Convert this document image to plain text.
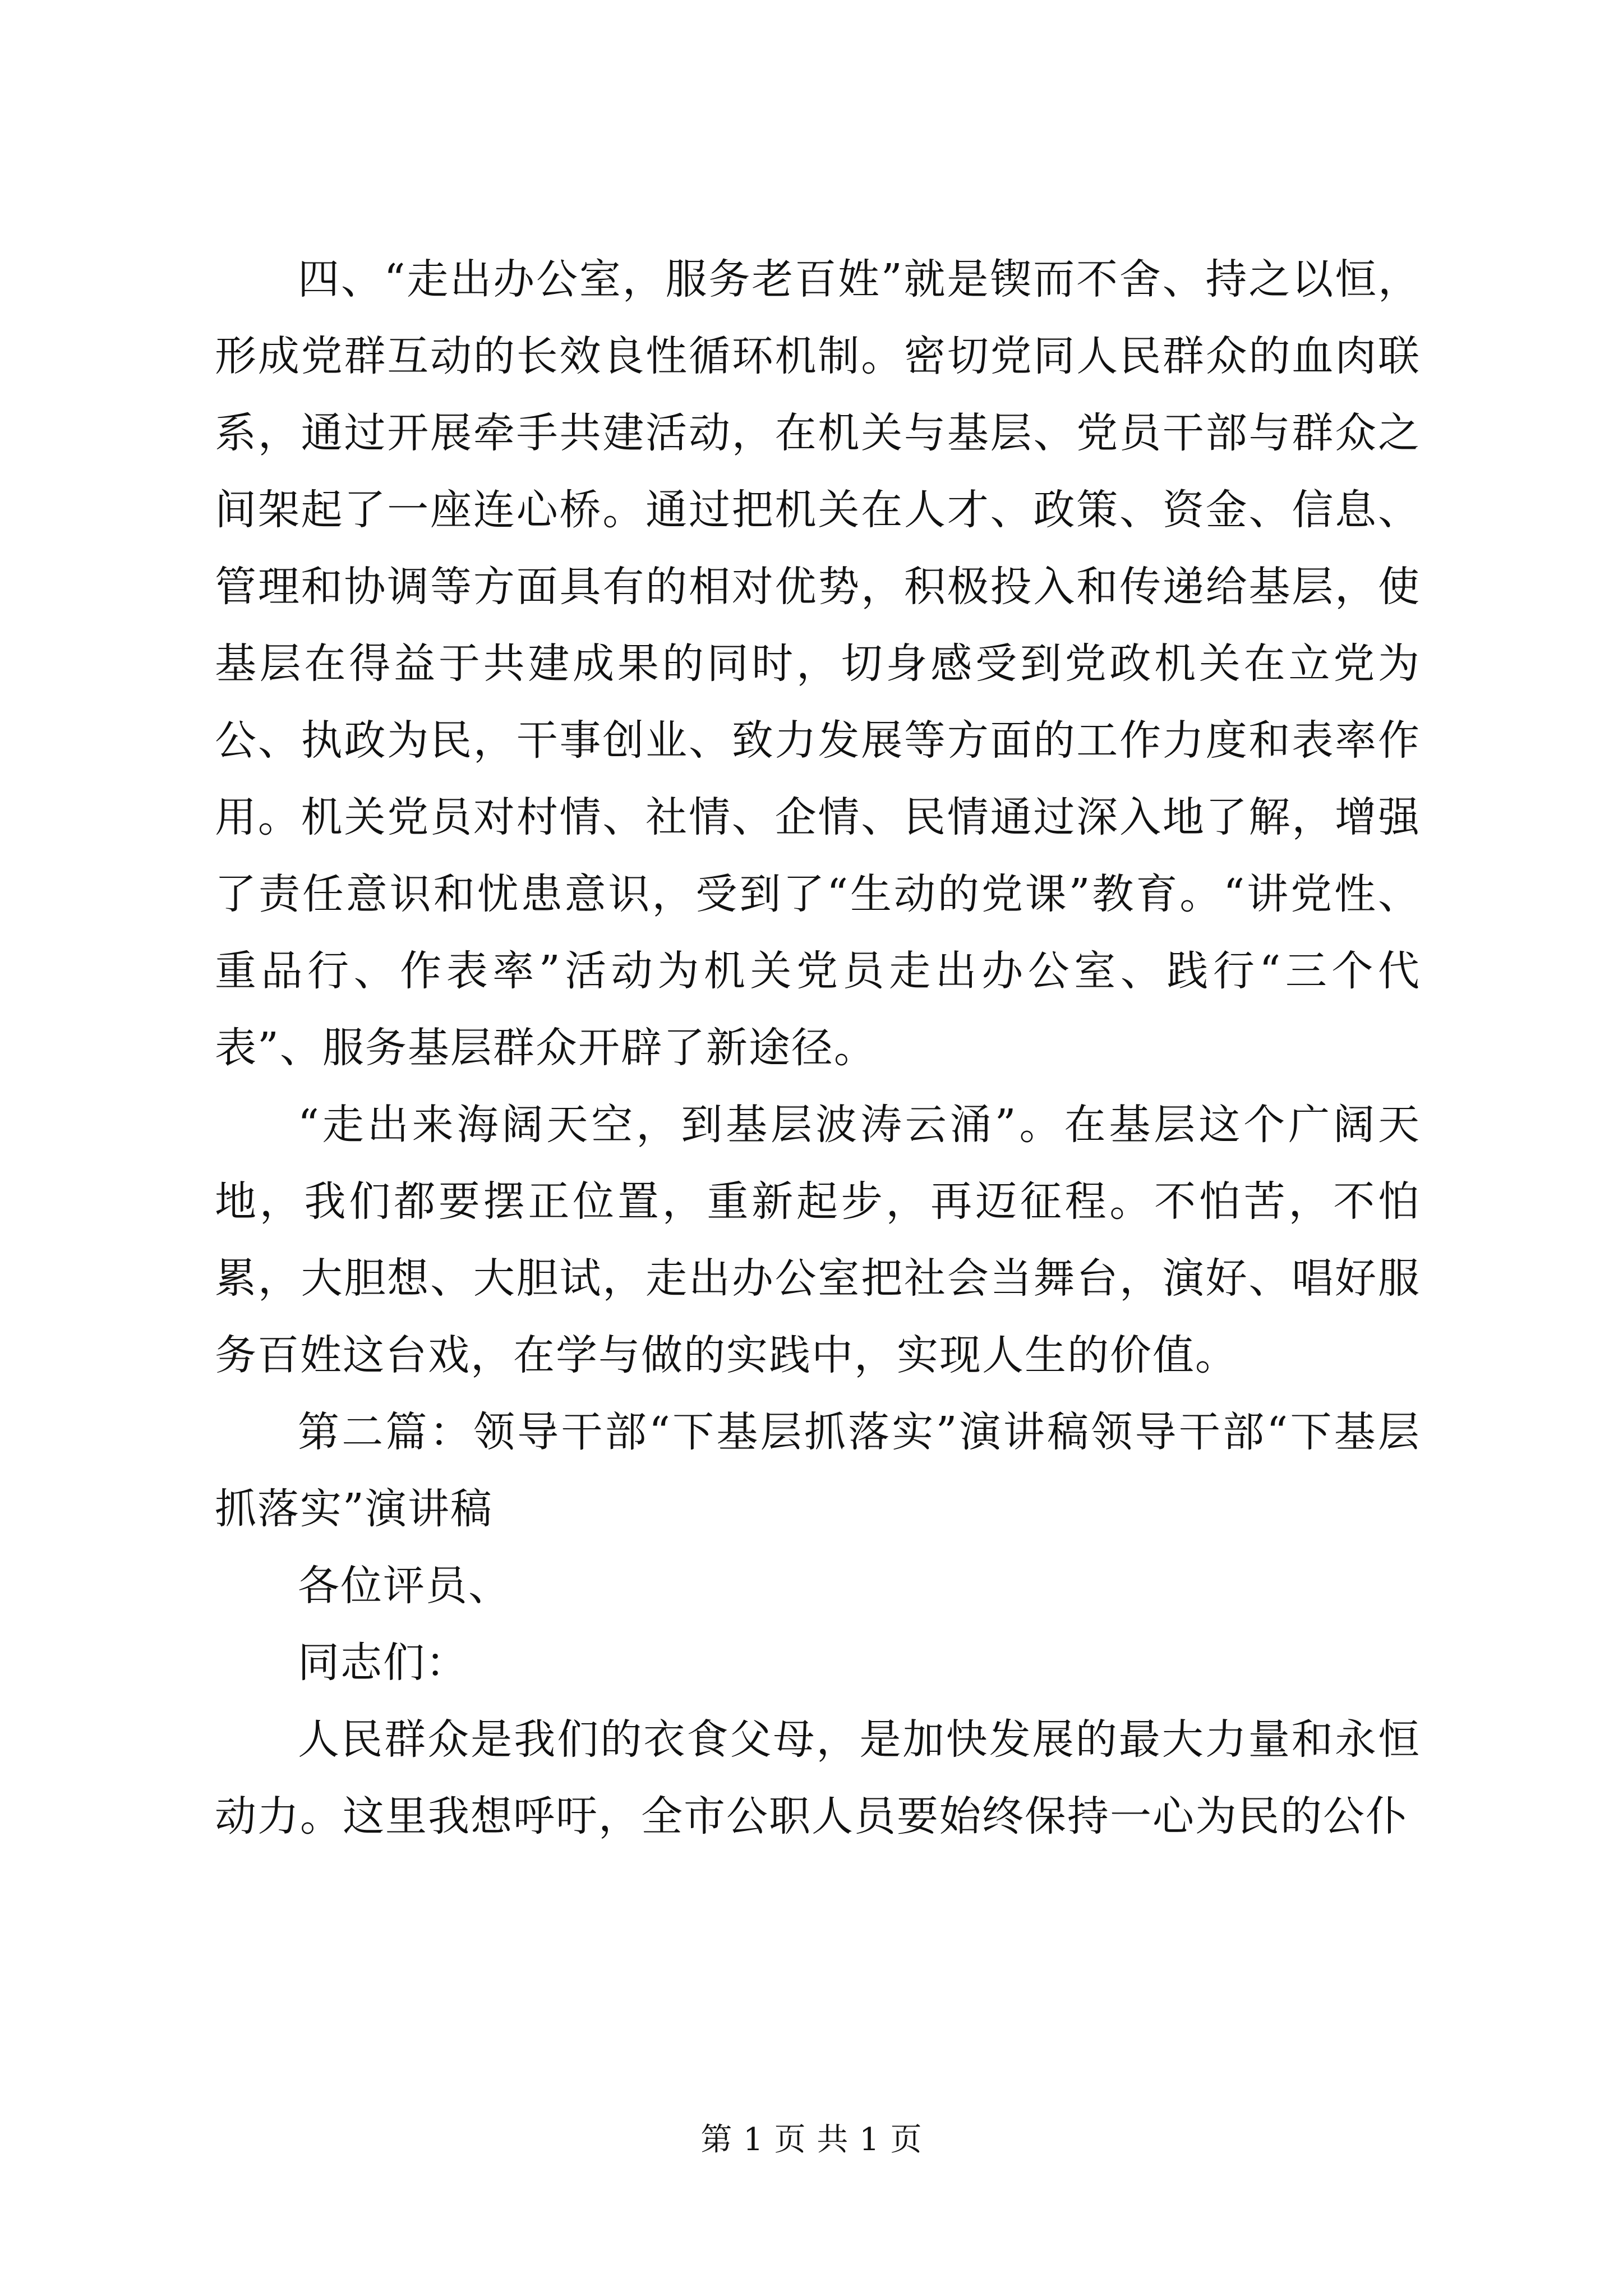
四、“走出办公室，服务老百姓”就是锲而不舍、持之以恒，形成党群互动的长效良性循环机制。密切党同人民群众的血肉联系，通过开展牵手共建活动，在机关与基层、党员干部与群众之间架起了一座连心桥。通过把机关在人才、政策、资金、信息、管理和协调等方面具有的相对优势，积极投入和传递给基层，使基层在得益于共建成果的同时，切身感受到党政机关在立党为公、执政为民，干事创业、致力发展等方面的工作力度和表率作用。机关党员对村情、社情、企情、民情通过深入地了解，增强了责任意识和忧患意识，受到了“生动的党课”教育。“讲党性、重品行、作表率”活动为机关党员走出办公室、践行“三个代表”、服务基层群众开辟了新途径。

“走出来海阔天空，到基层波涛云涌”。在基层这个广阔天地，我们都要摆正位置，重新起步，再迈征程。不怕苦，不怕累，大胆想、大胆试，走出办公室把社会当舞台，演好、唱好服务百姓这台戏，在学与做的实践中，实现人生的价值。

第二篇：领导干部“下基层抓落实”演讲稿领导干部“下基层抓落实”演讲稿

各位评员、

同志们：

人民群众是我们的衣食父母，是加快发展的最大力量和永恒动力。这里我想呼吁，全市公职人员要始终保持一心为民的公仆

第 1 页 共 1 页
